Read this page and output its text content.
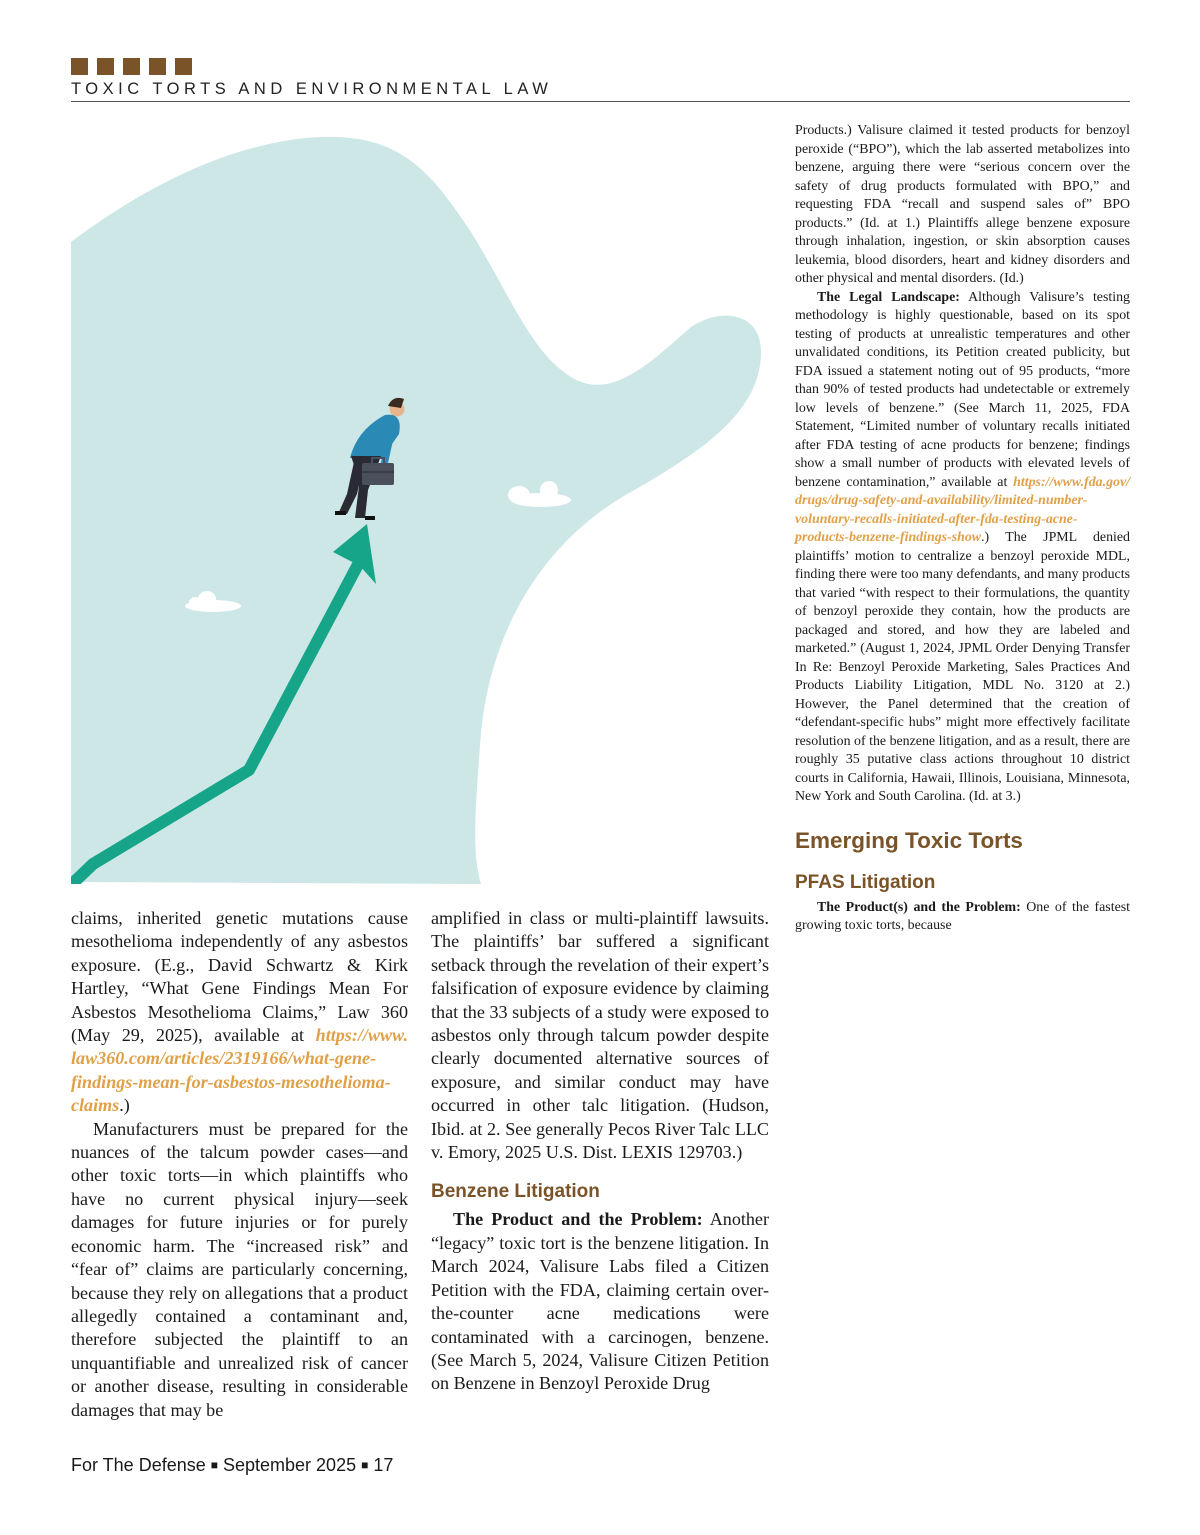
TOXIC TORTS AND ENVIRONMENTAL LAW

claims, inherited genetic mutations cause mesothelioma independently of any asbestos exposure. (E.g., David Schwartz & Kirk Hartley, “What Gene Findings Mean For Asbestos Mesothelioma Claims,” Law 360 (May 29, 2025), available at https://www.law360.com/articles/2319166/what-gene-findings-mean-for-asbestos-mesothelioma-claims.)

Manufacturers must be prepared for the nuances of the talcum powder cases—and other toxic torts—in which plaintiffs who have no current physical injury—seek damages for future injuries or for purely economic harm. The “increased risk” and “fear of” claims are particularly concerning, because they rely on allegations that a product allegedly contained a contaminant and, therefore subjected the plaintiff to an unquantifiable and unrealized risk of cancer or another disease, resulting in considerable damages that may be

amplified in class or multi-plaintiff lawsuits. The plaintiffs’ bar suffered a significant setback through the revelation of their expert’s falsification of exposure evidence by claiming that the 33 subjects of a study were exposed to asbestos only through talcum powder despite clearly documented alternative sources of exposure, and similar conduct may have occurred in other talc litigation. (Hudson, Ibid. at 2. See generally Pecos River Talc LLC v. Emory, 2025 U.S. Dist. LEXIS 129703.)

Benzene Litigation

The Product and the Problem: Another “legacy” toxic tort is the benzene litigation. In March 2024, Valisure Labs filed a Citizen Petition with the FDA, claiming certain over-the-counter acne medications were contaminated with a carcinogen, benzene. (See March 5, 2024, Valisure Citizen Petition on Benzene in Benzoyl Peroxide Drug

Products.) Valisure claimed it tested products for benzoyl peroxide (“BPO”), which the lab asserted metabolizes into benzene, arguing there were “serious concern over the safety of drug products formulated with BPO,” and requesting FDA “recall and suspend sales of” BPO products.” (Id. at 1.) Plaintiffs allege benzene exposure through inhalation, ingestion, or skin absorption causes leukemia, blood disorders, heart and kidney disorders and other physical and mental disorders. (Id.)

The Legal Landscape: Although Valisure’s testing methodology is highly questionable, based on its spot testing of products at unrealistic temperatures and other unvalidated conditions, its Petition created publicity, but FDA issued a statement noting out of 95 products, “more than 90% of tested products had undetectable or extremely low levels of benzene.” (See March 11, 2025, FDA Statement, “Limited number of voluntary recalls initiated after FDA testing of acne products for benzene; findings show a small number of products with elevated levels of benzene contamination,” available at https://www.fda.gov/drugs/drug-safety-and-availability/limited-number-voluntary-recalls-initiated-after-fda-testing-acne-products-benzene-findings-show.) The JPML denied plaintiffs’ motion to centralize a benzoyl peroxide MDL, finding there were too many defendants, and many products that varied “with respect to their formulations, the quantity of benzoyl peroxide they contain, how the products are packaged and stored, and how they are labeled and marketed.” (August 1, 2024, JPML Order Denying Transfer In Re: Benzoyl Peroxide Marketing, Sales Practices And Products Liability Litigation, MDL No. 3120 at 2.) However, the Panel determined that the creation of “defendant-specific hubs” might more effectively facilitate resolution of the benzene litigation, and as a result, there are roughly 35 putative class actions throughout 10 district courts in California, Hawaii, Illinois, Louisiana, Minnesota, New York and South Carolina. (Id. at 3.)

Emerging Toxic Torts
PFAS Litigation

The Product(s) and the Problem: One of the fastest growing toxic torts, because

For The Defense ■ September 2025 ■ 17
